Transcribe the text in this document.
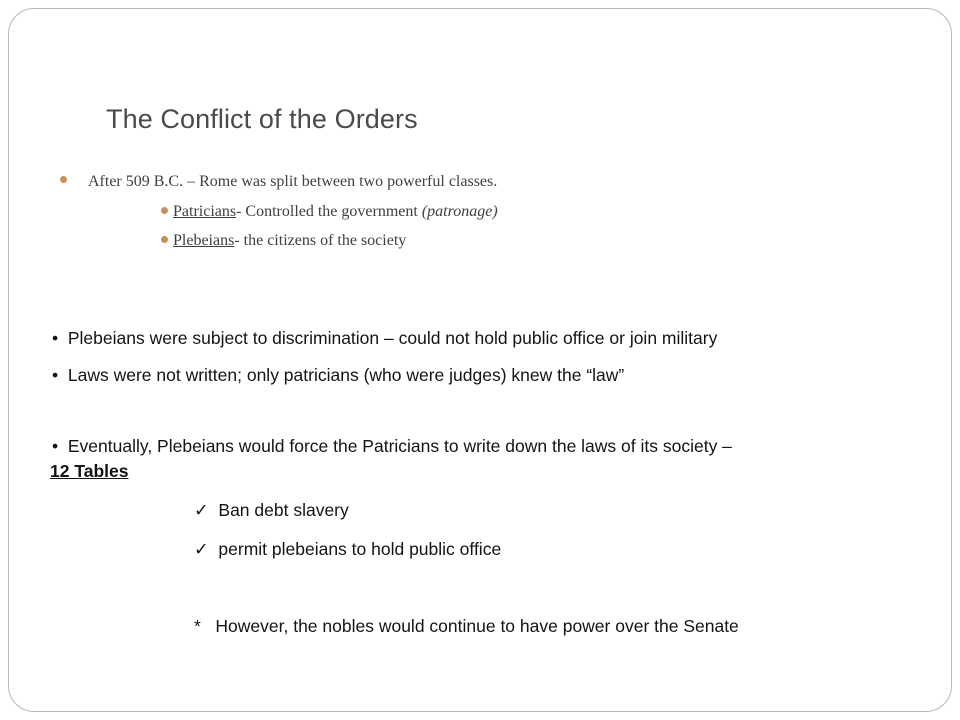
The Conflict of the Orders
After 509 B.C. – Rome was split between two powerful classes.
Patricians- Controlled the government (patronage)
Plebeians- the citizens of the society
• Plebeians were subject to discrimination – could not hold public office or join military
• Laws were not written; only patricians (who were judges) knew the “law”
• Eventually, Plebeians would force the Patricians to write down the laws of its society –
12 Tables
✓ Ban debt slavery
✓ permit plebeians to hold public office
*   However, the nobles would continue to have power over the Senate
